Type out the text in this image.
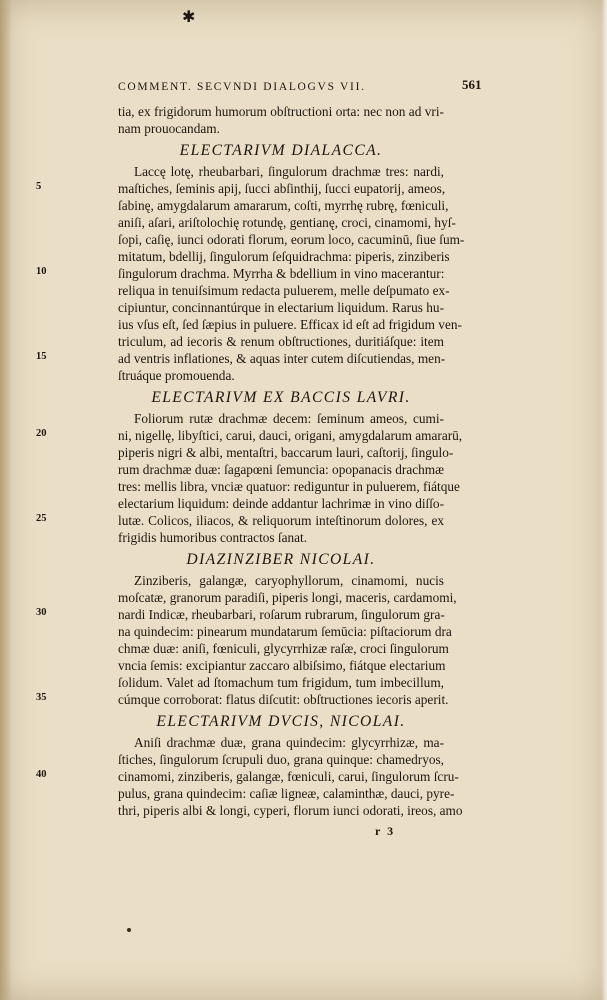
✱
COMMENT. SECVNDI DIALOGVS VII.	561
tia, ex frigidorum humorum obſtructioni orta: nec non ad vri-
nam prouocandam.
ELECTARIVM DIALACCA.
Laccę lotę, rheubarbari, ſingulorum drachmæ tres: nardi,
maſtiches, ſeminis apij, ſucci abſinthij, ſucci eupatorij, ameos,
ſabinę, amygdalarum amararum, coſti, myrrhę rubrę, fœniculi,
aniſi, aſari, ariſtolochię rotundę, gentianę, croci, cinamomi, hyſ-
ſopi, caſię, iunci odorati florum, eorum loco, cacuminū, ſiue ſum-
mitatum, bdellij, ſingulorum ſeſquidrachma: piperis, zinziberis
ſingulorum drachma. Myrrha & bdellium in vino macerantur:
reliqua in tenuiſsimum redacta puluerem, melle deſpumato ex-
cipiuntur, concinnantúrque in electarium liquidum. Rarus hu-
ius vſus eſt, ſed ſæpius in puluere. Efficax id eſt ad frigidum ven-
triculum, ad iecoris & renum obſtructiones, duritiáſque: item
ad ventris inflationes, & aquas inter cutem diſcutiendas, men-
ſtruáque promouenda.
ELECTARIVM EX BACCIS LAVRI.
Foliorum rutæ drachmæ decem: ſeminum ameos, cumi-
ni, nigellę, libyſtici, carui, dauci, origani, amygdalarum amararū,
piperis nigri & albi, mentaſtri, baccarum lauri, caſtorij, ſingulo-
rum drachmæ duæ: ſagapœni ſemuncia: opopanacis drachmæ
tres: mellis libra, vnciæ quatuor: rediguntur in puluerem, fiátque
electarium liquidum: deinde addantur lachrimæ in vino diſſo-
lutæ. Colicos, iliacos, & reliquorum inteſtinorum dolores, ex
frigidis humoribus contractos ſanat.
DIAZINZIBER NICOLAI.
Zinziberis, galangæ, caryophyllorum, cinamomi, nucis
moſcatæ, granorum paradiſi, piperis longi, maceris, cardamomi,
nardi Indicæ, rheubarbari, roſarum rubrarum, ſingulorum gra-
na quindecim: pinearum mundatarum ſemūcia: piſtaciorum dra
chmæ duæ: aniſi, fœniculi, glycyrrhizæ raſæ, croci ſingulorum
vncia ſemis: excipiantur zaccaro albiſsimo, fiátque electarium
ſolidum. Valet ad ſtomachum tum frigidum, tum imbecillum,
cúmque corroborat: flatus diſcutit: obſtructiones iecoris aperit.
ELECTARIVM DVCIS, NICOLAI.
Aniſi drachmæ duæ, grana quindecim: glycyrrhizæ, ma-
ſtiches, ſingulorum ſcrupuli duo, grana quinque: chamedryos,
cinamomi, zinziberis, galangæ, fœniculi, carui, ſingulorum ſcru-
pulus, grana quindecim: caſiæ ligneæ, calaminthæ, dauci, pyre-
thri, piperis albi & longi, cyperi, florum iunci odorati, ireos, amo
5
10
15
20
25
30
35
40
r 3
